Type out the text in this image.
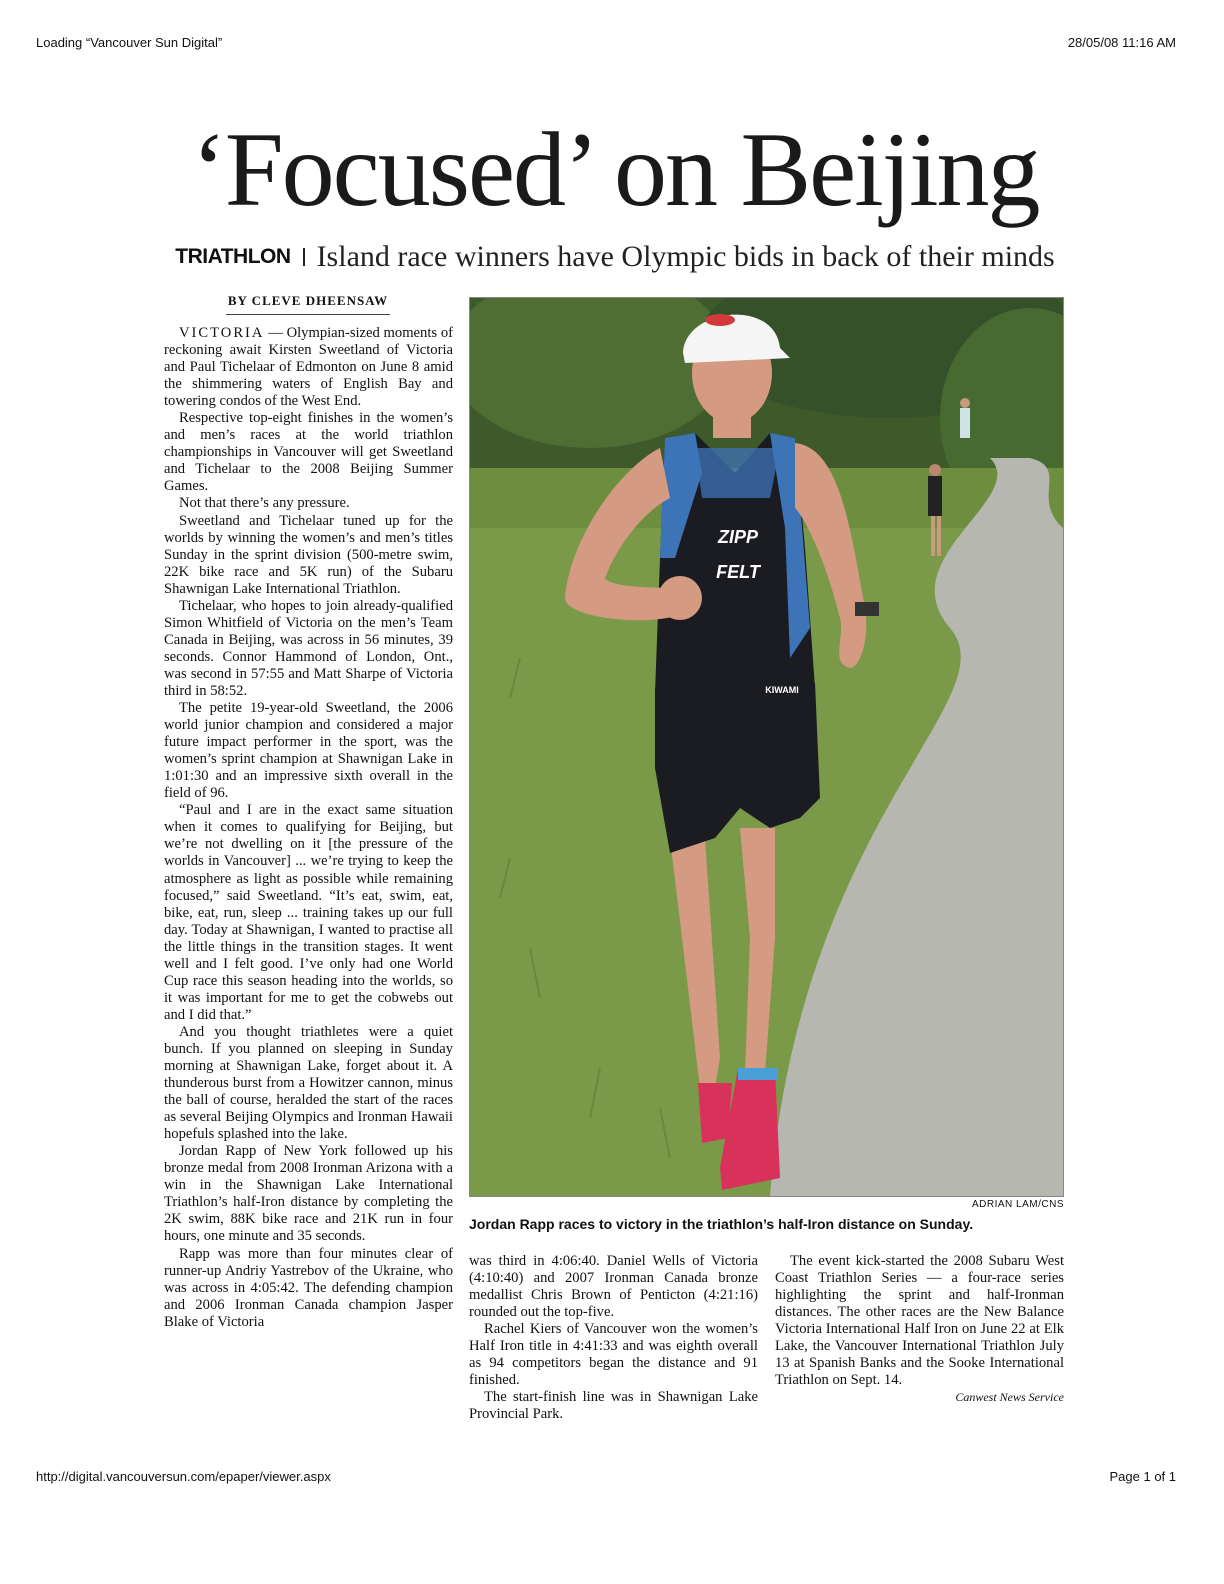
Loading “Vancouver Sun Digital”	28/05/08 11:16 AM
‘Focused’ on Beijing
TRIATHLON Island race winners have Olympic bids in back of their minds
BY CLEVE DHEENSAW

VICTORIA — Olympian-sized moments of reckoning await Kirsten Sweetland of Victoria and Paul Tichelaar of Edmonton on June 8 amid the shimmering waters of English Bay and towering condos of the West End.

Respective top-eight finishes in the women’s and men’s races at the world triathlon championships in Vancouver will get Sweetland and Tichelaar to the 2008 Beijing Summer Games.

Not that there’s any pressure.

Sweetland and Tichelaar tuned up for the worlds by winning the women’s and men’s titles Sunday in the sprint division (500-metre swim, 22K bike race and 5K run) of the Subaru Shawnigan Lake International Triathlon.

Tichelaar, who hopes to join already-qualified Simon Whitfield of Victoria on the men’s Team Canada in Beijing, was across in 56 minutes, 39 seconds. Connor Hammond of London, Ont., was second in 57:55 and Matt Sharpe of Victoria third in 58:52.

The petite 19-year-old Sweetland, the 2006 world junior champion and considered a major future impact performer in the sport, was the women’s sprint champion at Shawnigan Lake in 1:01:30 and an impressive sixth overall in the field of 96.

“Paul and I are in the exact same situation when it comes to qualifying for Beijing, but we’re not dwelling on it [the pressure of the worlds in Vancouver] ... we’re trying to keep the atmosphere as light as possible while remaining focused,” said Sweetland. “It’s eat, swim, eat, bike, eat, run, sleep ... training takes up our full day. Today at Shawnigan, I wanted to practise all the little things in the transition stages. It went well and I felt good. I’ve only had one World Cup race this season heading into the worlds, so it was important for me to get the cobwebs out and I did that.”

And you thought triathletes were a quiet bunch. If you planned on sleeping in Sunday morning at Shawnigan Lake, forget about it. A thunderous burst from a Howitzer cannon, minus the ball of course, heralded the start of the races as several Beijing Olympics and Ironman Hawaii hopefuls splashed into the lake.

Jordan Rapp of New York followed up his bronze medal from 2008 Ironman Arizona with a win in the Shawnigan Lake International Triathlon’s half-Iron distance by completing the 2K swim, 88K bike race and 21K run in four hours, one minute and 35 seconds.

Rapp was more than four minutes clear of runner-up Andriy Yastrebov of the Ukraine, who was across in 4:05:42. The defending champion and 2006 Ironman Canada champion Jasper Blake of Victoria

ZIPP
FELT
KIWAMI
ADRIAN LAM/CNS
Jordan Rapp races to victory in the triathlon’s half-Iron distance on Sunday.

was third in 4:06:40. Daniel Wells of Victoria (4:10:40) and 2007 Ironman Canada bronze medallist Chris Brown of Penticton (4:21:16) rounded out the top-five.

Rachel Kiers of Vancouver won the women’s Half Iron title in 4:41:33 and was eighth overall as 94 competitors began the distance and 91 finished.

The start-finish line was in Shawnigan Lake Provincial Park.

The event kick-started the 2008 Subaru West Coast Triathlon Series — a four-race series highlighting the sprint and half-Ironman distances. The other races are the New Balance Victoria International Half Iron on June 22 at Elk Lake, the Vancouver International Triathlon July 13 at Spanish Banks and the Sooke International Triathlon on Sept. 14.

Canwest News Service

http://digital.vancouversun.com/epaper/viewer.aspx	Page 1 of 1
